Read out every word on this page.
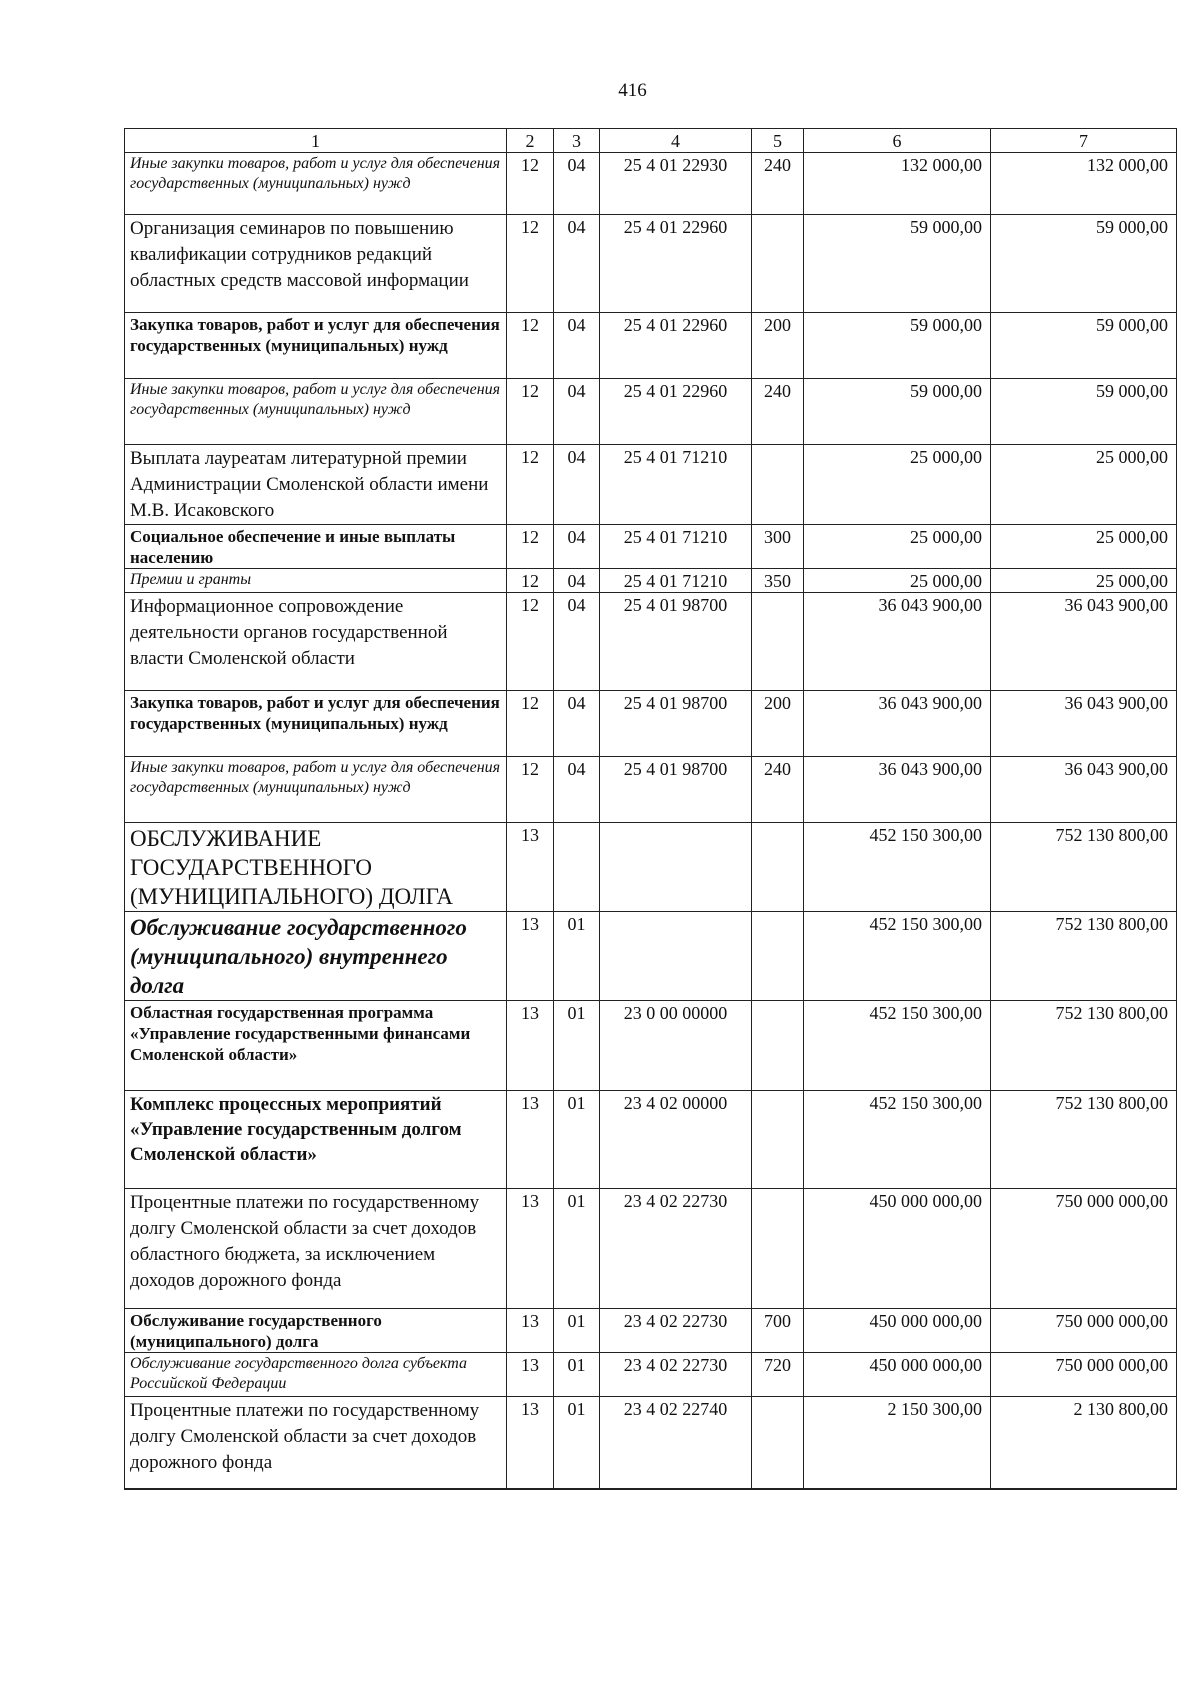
416
1	2	3	4	5	6	7
Иные закупки товаров, работ и услуг для обеспечения государственных (муниципальных) нужд	12	04	25 4 01 22930	240	132 000,00	132 000,00
Организация семинаров по повышению квалификации сотрудников редакций областных средств массовой информации	12	04	25 4 01 22960		59 000,00	59 000,00
Закупка товаров, работ и услуг для обеспечения государственных (муниципальных) нужд	12	04	25 4 01 22960	200	59 000,00	59 000,00
Иные закупки товаров, работ и услуг для обеспечения государственных (муниципальных) нужд	12	04	25 4 01 22960	240	59 000,00	59 000,00
Выплата лауреатам литературной премии Администрации Смоленской области имени М.В. Исаковского	12	04	25 4 01 71210		25 000,00	25 000,00
Социальное обеспечение и иные выплаты населению	12	04	25 4 01 71210	300	25 000,00	25 000,00
Премии и гранты	12	04	25 4 01 71210	350	25 000,00	25 000,00
Информационное сопровождение деятельности органов государственной власти Смоленской области	12	04	25 4 01 98700		36 043 900,00	36 043 900,00
Закупка товаров, работ и услуг для обеспечения государственных (муниципальных) нужд	12	04	25 4 01 98700	200	36 043 900,00	36 043 900,00
Иные закупки товаров, работ и услуг для обеспечения государственных (муниципальных) нужд	12	04	25 4 01 98700	240	36 043 900,00	36 043 900,00
ОБСЛУЖИВАНИЕ ГОСУДАРСТВЕННОГО (МУНИЦИПАЛЬНОГО) ДОЛГА	13				452 150 300,00	752 130 800,00
Обслуживание государственного (муниципального) внутреннего долга	13	01			452 150 300,00	752 130 800,00
Областная государственная программа «Управление государственными финансами Смоленской области»	13	01	23 0 00 00000		452 150 300,00	752 130 800,00
Комплекс процессных мероприятий «Управление государственным долгом Смоленской области»	13	01	23 4 02 00000		452 150 300,00	752 130 800,00
Процентные платежи по государственному долгу Смоленской области за счет доходов областного бюджета, за исключением доходов дорожного фонда	13	01	23 4 02 22730		450 000 000,00	750 000 000,00
Обслуживание государственного (муниципального) долга	13	01	23 4 02 22730	700	450 000 000,00	750 000 000,00
Обслуживание государственного долга субъекта Российской Федерации	13	01	23 4 02 22730	720	450 000 000,00	750 000 000,00
Процентные платежи по государственному долгу Смоленской области за счет доходов дорожного фонда	13	01	23 4 02 22740		2 150 300,00	2 130 800,00
